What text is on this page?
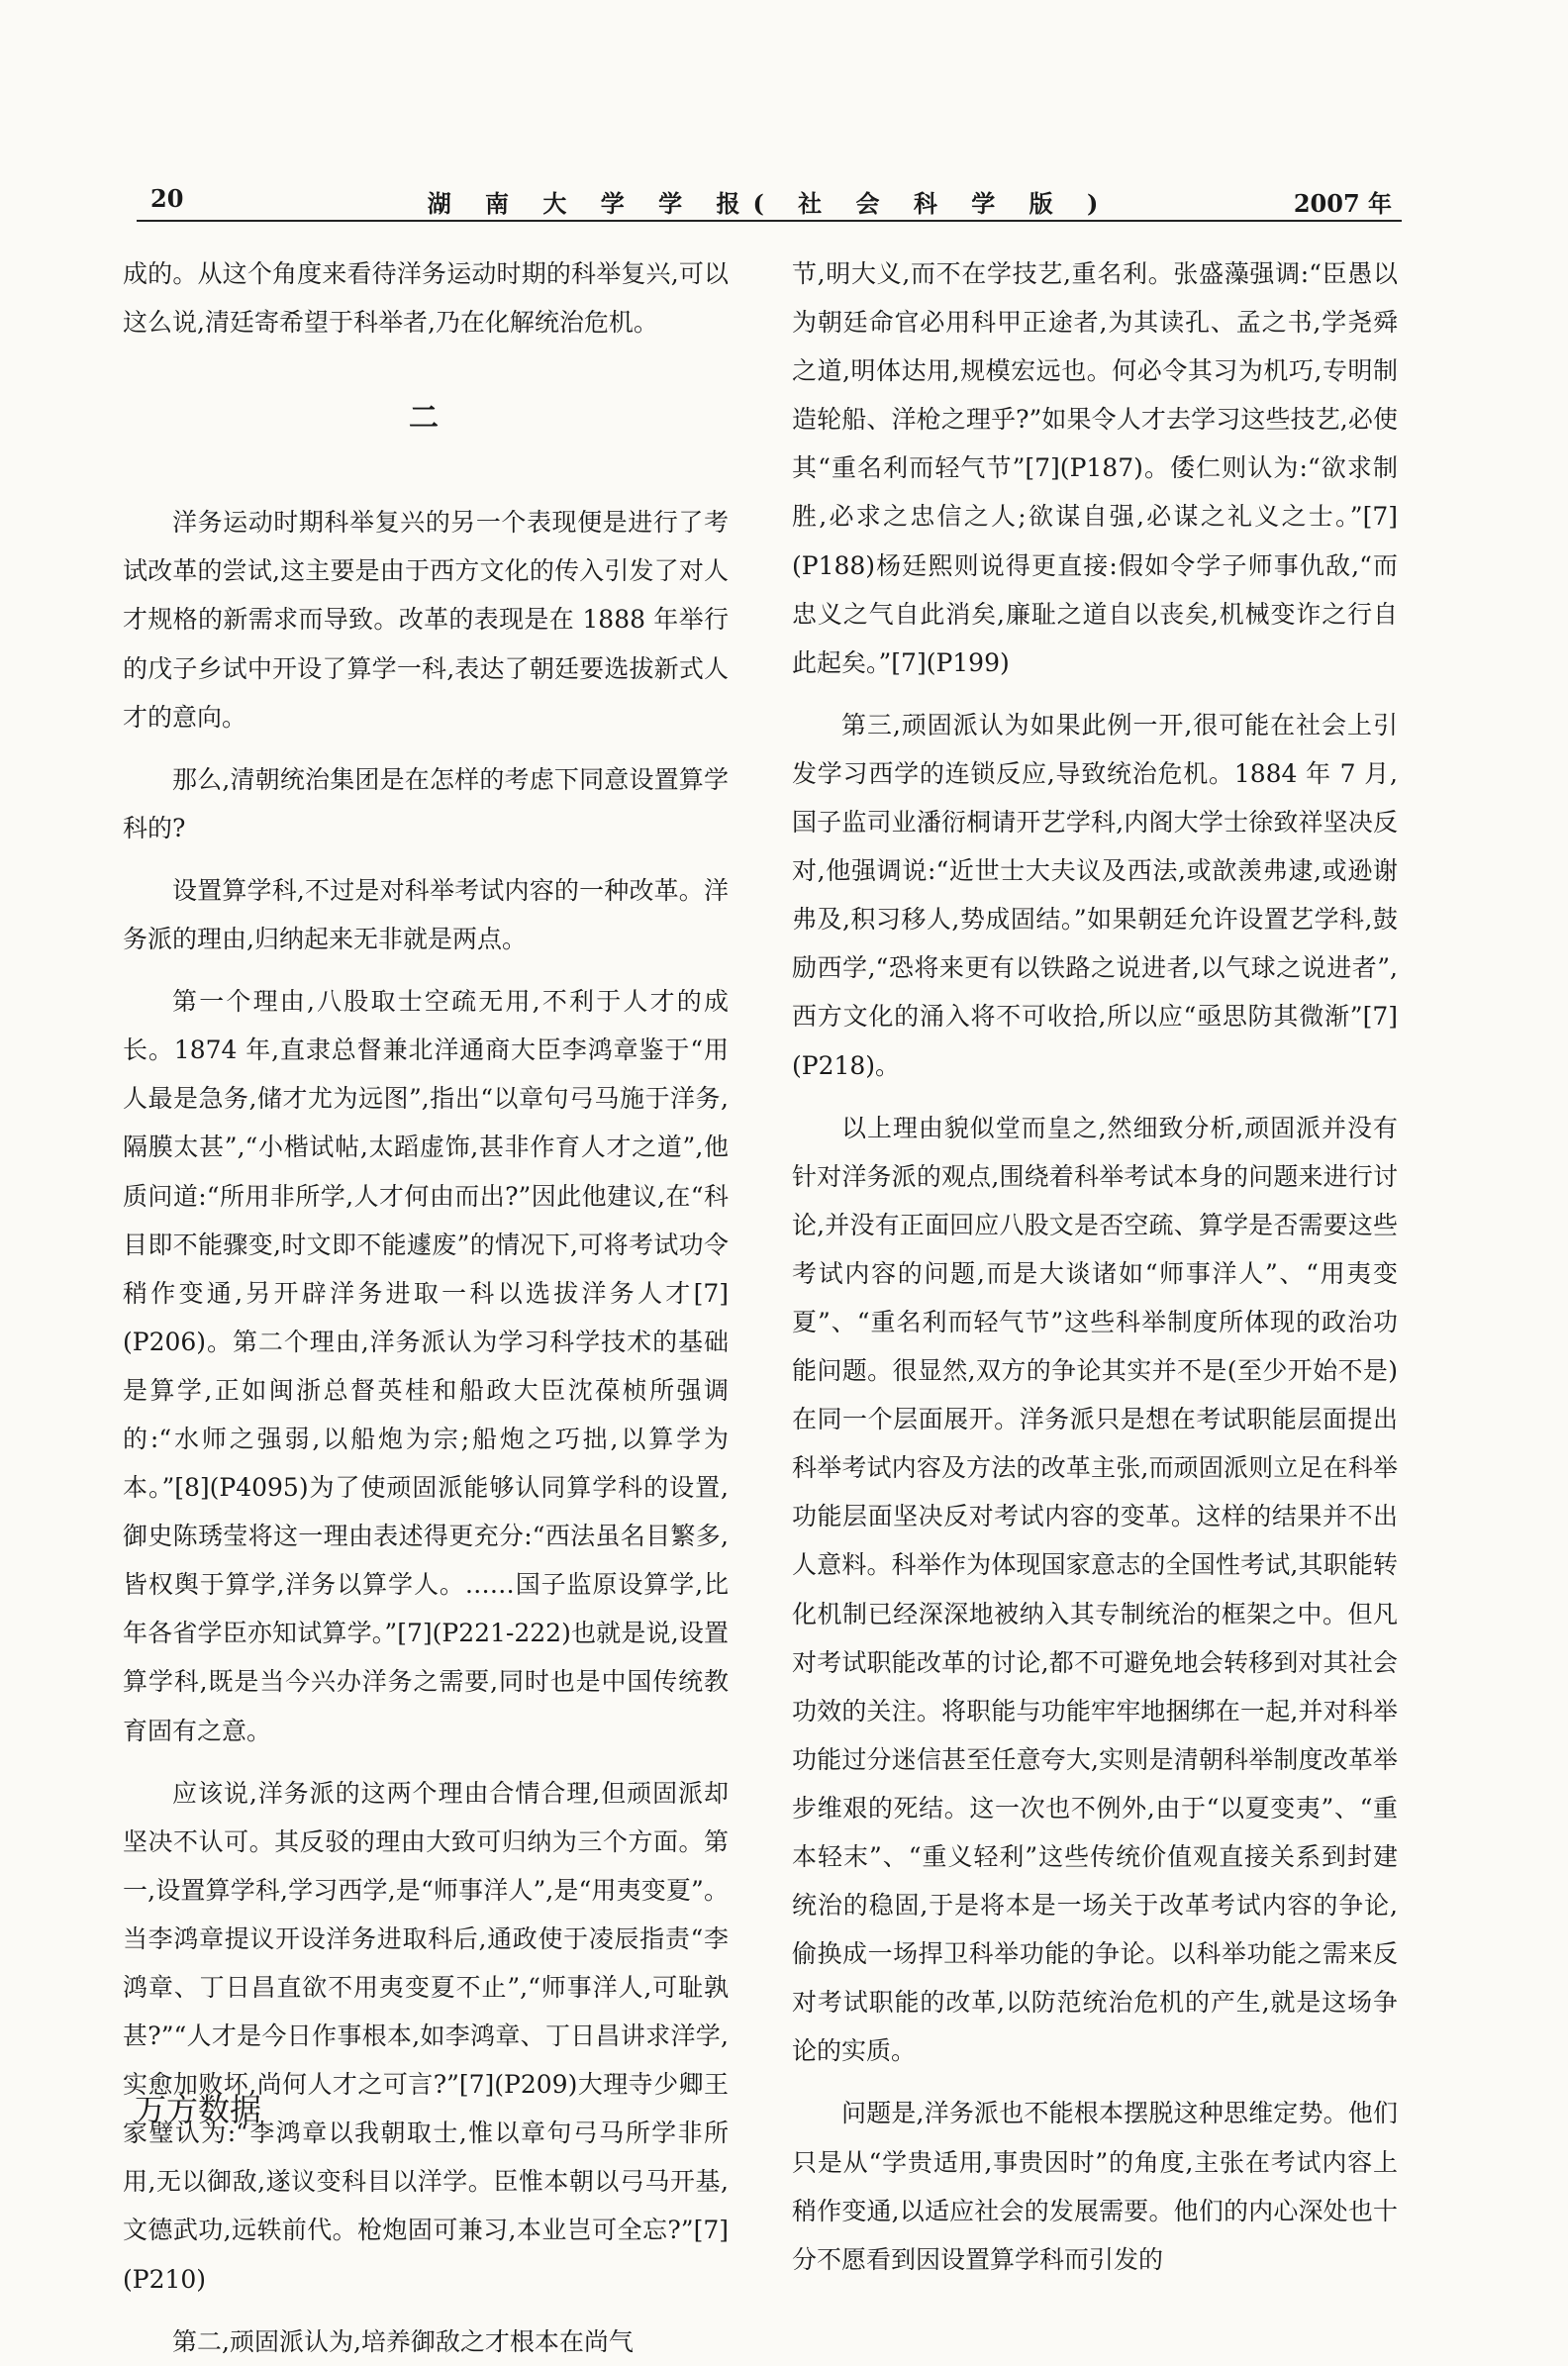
20	湖 南 大 学 学 报( 社 会 科 学 版 )	2007 年

成的。从这个角度来看待洋务运动时期的科举复兴,可以这么说,清廷寄希望于科举者,乃在化解统治危机。

二

洋务运动时期科举复兴的另一个表现便是进行了考试改革的尝试,这主要是由于西方文化的传入引发了对人才规格的新需求而导致。改革的表现是在 1888 年举行的戊子乡试中开设了算学一科,表达了朝廷要选拔新式人才的意向。

那么,清朝统治集团是在怎样的考虑下同意设置算学科的?

设置算学科,不过是对科举考试内容的一种改革。洋务派的理由,归纳起来无非就是两点。

第一个理由,八股取士空疏无用,不利于人才的成长。1874 年,直隶总督兼北洋通商大臣李鸿章鉴于“用人最是急务,储才尤为远图”,指出“以章句弓马施于洋务,隔膜太甚”,“小楷试帖,太蹈虚饰,甚非作育人才之道”,他质问道:“所用非所学,人才何由而出?”因此他建议,在“科目即不能骤变,时文即不能遽废”的情况下,可将考试功令稍作变通,另开辟洋务进取一科以选拔洋务人才[7](P206)。第二个理由,洋务派认为学习科学技术的基础是算学,正如闽浙总督英桂和船政大臣沈葆桢所强调的:“水师之强弱,以船炮为宗;船炮之巧拙,以算学为本。”[8](P4095)为了使顽固派能够认同算学科的设置,御史陈琇莹将这一理由表述得更充分:“西法虽名目繁多,皆权舆于算学,洋务以算学人。……国子监原设算学,比年各省学臣亦知试算学。”[7](P221-222)也就是说,设置算学科,既是当今兴办洋务之需要,同时也是中国传统教育固有之意。

应该说,洋务派的这两个理由合情合理,但顽固派却坚决不认可。其反驳的理由大致可归纳为三个方面。第一,设置算学科,学习西学,是“师事洋人”,是“用夷变夏”。当李鸿章提议开设洋务进取科后,通政使于凌辰指责“李鸿章、丁日昌直欲不用夷变夏不止”,“师事洋人,可耻孰甚?”“人才是今日作事根本,如李鸿章、丁日昌讲求洋学,实愈加败坏,尚何人才之可言?”[7](P209)大理寺少卿王家璧认为:“李鸿章以我朝取士,惟以章句弓马所学非所用,无以御敌,遂议变科目以洋学。臣惟本朝以弓马开基,文德武功,远轶前代。枪炮固可兼习,本业岂可全忘?”[7](P210)

第二,顽固派认为,培养御敌之才根本在尚气

节,明大义,而不在学技艺,重名利。张盛藻强调:“臣愚以为朝廷命官必用科甲正途者,为其读孔、孟之书,学尧舜之道,明体达用,规模宏远也。何必令其习为机巧,专明制造轮船、洋枪之理乎?”如果令人才去学习这些技艺,必使其“重名利而轻气节”[7](P187)。倭仁则认为:“欲求制胜,必求之忠信之人;欲谋自强,必谋之礼义之士。”[7](P188)杨廷熙则说得更直接:假如令学子师事仇敌,“而忠义之气自此消矣,廉耻之道自以丧矣,机械变诈之行自此起矣。”[7](P199)

第三,顽固派认为如果此例一开,很可能在社会上引发学习西学的连锁反应,导致统治危机。1884 年 7 月,国子监司业潘衍桐请开艺学科,内阁大学士徐致祥坚决反对,他强调说:“近世士大夫议及西法,或歆羡弗逮,或逊谢弗及,积习移人,势成固结。”如果朝廷允许设置艺学科,鼓励西学,“恐将来更有以铁路之说进者,以气球之说进者”,西方文化的涌入将不可收拾,所以应“亟思防其微渐”[7](P218)。

以上理由貌似堂而皇之,然细致分析,顽固派并没有针对洋务派的观点,围绕着科举考试本身的问题来进行讨论,并没有正面回应八股文是否空疏、算学是否需要这些考试内容的问题,而是大谈诸如“师事洋人”、“用夷变夏”、“重名利而轻气节”这些科举制度所体现的政治功能问题。很显然,双方的争论其实并不是(至少开始不是)在同一个层面展开。洋务派只是想在考试职能层面提出科举考试内容及方法的改革主张,而顽固派则立足在科举功能层面坚决反对考试内容的变革。这样的结果并不出人意料。科举作为体现国家意志的全国性考试,其职能转化机制已经深深地被纳入其专制统治的框架之中。但凡对考试职能改革的讨论,都不可避免地会转移到对其社会功效的关注。将职能与功能牢牢地捆绑在一起,并对科举功能过分迷信甚至任意夸大,实则是清朝科举制度改革举步维艰的死结。这一次也不例外,由于“以夏变夷”、“重本轻末”、“重义轻利”这些传统价值观直接关系到封建统治的稳固,于是将本是一场关于改革考试内容的争论,偷换成一场捍卫科举功能的争论。以科举功能之需来反对考试职能的改革,以防范统治危机的产生,就是这场争论的实质。

问题是,洋务派也不能根本摆脱这种思维定势。他们只是从“学贵适用,事贵因时”的角度,主张在考试内容上稍作变通,以适应社会的发展需要。他们的内心深处也十分不愿看到因设置算学科而引发的

万方数据
